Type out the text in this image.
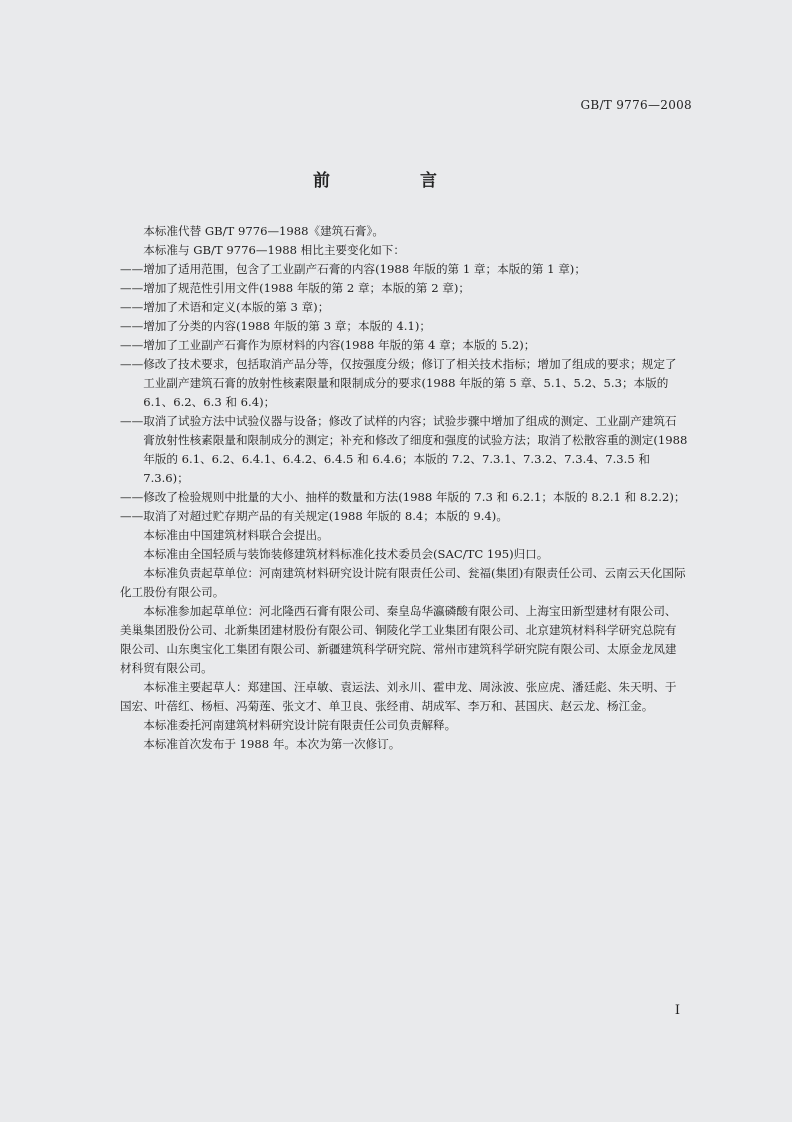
GB/T 9776—2008
前 言

本标准代替 GB/T 9776—1988《建筑石膏》。

本标准与 GB/T 9776—1988 相比主要变化如下：

——增加了适用范围，包含了工业副产石膏的内容(1988 年版的第 1 章；本版的第 1 章)；

——增加了规范性引用文件(1988 年版的第 2 章；本版的第 2 章)；

——增加了术语和定义(本版的第 3 章)；

——增加了分类的内容(1988 年版的第 3 章；本版的 4.1)；

——增加了工业副产石膏作为原材料的内容(1988 年版的第 4 章；本版的 5.2)；

——修改了技术要求，包括取消产品分等，仅按强度分级；修订了相关技术指标；增加了组成的要求；规定了工业副产建筑石膏的放射性核素限量和限制成分的要求(1988 年版的第 5 章、5.1、5.2、5.3；本版的 6.1、6.2、6.3 和 6.4)；

——取消了试验方法中试验仪器与设备；修改了试样的内容；试验步骤中增加了组成的测定、工业副产建筑石膏放射性核素限量和限制成分的测定；补充和修改了细度和强度的试验方法；取消了松散容重的测定(1988 年版的 6.1、6.2、6.4.1、6.4.2、6.4.5 和 6.4.6；本版的 7.2、7.3.1、7.3.2、7.3.4、7.3.5 和 7.3.6)；

——修改了检验规则中批量的大小、抽样的数量和方法(1988 年版的 7.3 和 6.2.1；本版的 8.2.1 和 8.2.2)；

——取消了对超过贮存期产品的有关规定(1988 年版的 8.4；本版的 9.4)。

本标准由中国建筑材料联合会提出。

本标准由全国轻质与装饰装修建筑材料标准化技术委员会(SAC/TC 195)归口。

本标准负责起草单位：河南建筑材料研究设计院有限责任公司、瓮福(集团)有限责任公司、云南云天化国际化工股份有限公司。

本标准参加起草单位：河北隆西石膏有限公司、秦皇岛华瀛磷酸有限公司、上海宝田新型建材有限公司、美巢集团股份公司、北新集团建材股份有限公司、铜陵化学工业集团有限公司、北京建筑材料科学研究总院有限公司、山东奥宝化工集团有限公司、新疆建筑科学研究院、常州市建筑科学研究院有限公司、太原金龙凤建材科贸有限公司。

本标准主要起草人：郑建国、汪卓敏、袁运法、刘永川、霍申龙、周泳波、张应虎、潘廷彪、朱天明、于国宏、叶蓓红、杨桓、冯菊莲、张文才、单卫良、张经甫、胡成军、李万和、甚国庆、赵云龙、杨江金。

本标准委托河南建筑材料研究设计院有限责任公司负责解释。

本标准首次发布于 1988 年。本次为第一次修订。

I
